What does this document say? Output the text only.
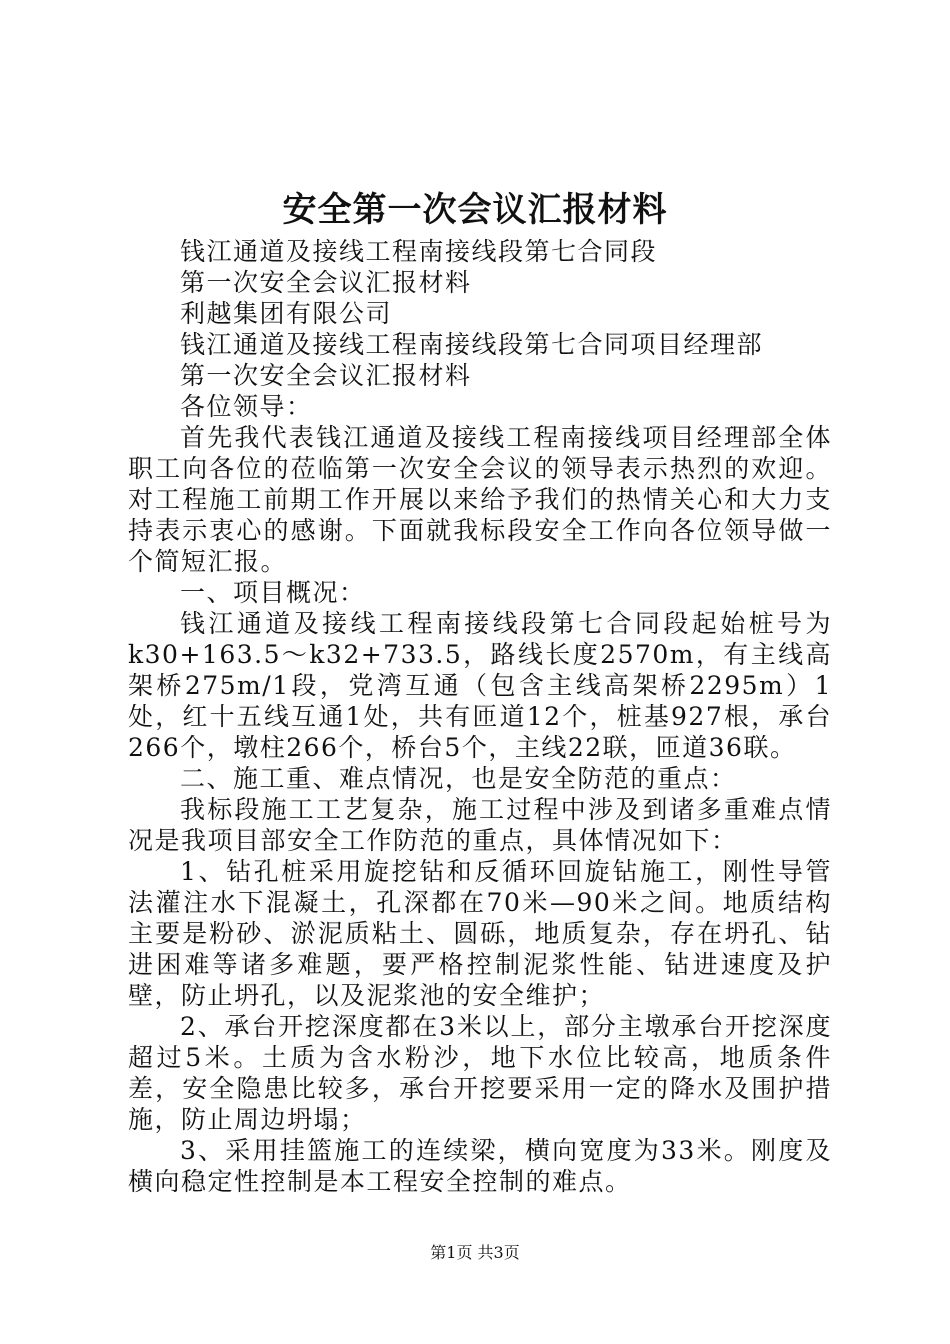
安全第一次会议汇报材料
钱江通道及接线工程南接线段第七合同段
第一次安全会议汇报材料
利越集团有限公司
钱江通道及接线工程南接线段第七合同项目经理部
第一次安全会议汇报材料
各位领导：

首先我代表钱江通道及接线工程南接线项目经理部全体职工向各位的莅临第一次安全会议的领导表示热烈的欢迎。对工程施工前期工作开展以来给予我们的热情关心和大力支持表示衷心的感谢。下面就我标段安全工作向各位领导做一个简短汇报。

一、项目概况：

钱江通道及接线工程南接线段第七合同段起始桩号为k30+163.5～k32+733.5，路线长度2570m，有主线高架桥275m/1段，党湾互通（包含主线高架桥2295m）1处，红十五线互通1处，共有匝道12个，桩基927根，承台266个，墩柱266个，桥台5个，主线22联，匝道36联。

二、施工重、难点情况，也是安全防范的重点：

我标段施工工艺复杂，施工过程中涉及到诸多重难点情况是我项目部安全工作防范的重点，具体情况如下：

1、钻孔桩采用旋挖钻和反循环回旋钻施工，刚性导管法灌注水下混凝土，孔深都在70米—90米之间。地质结构主要是粉砂、淤泥质粘土、圆砾，地质复杂，存在坍孔、钻进困难等诸多难题，要严格控制泥浆性能、钻进速度及护壁，防止坍孔，以及泥浆池的安全维护；

2、承台开挖深度都在3米以上，部分主墩承台开挖深度超过5米。土质为含水粉沙，地下水位比较高，地质条件差，安全隐患比较多，承台开挖要采用一定的降水及围护措施，防止周边坍塌；

3、采用挂篮施工的连续梁，横向宽度为33米。刚度及横向稳定性控制是本工程安全控制的难点。

第1页 共3页
